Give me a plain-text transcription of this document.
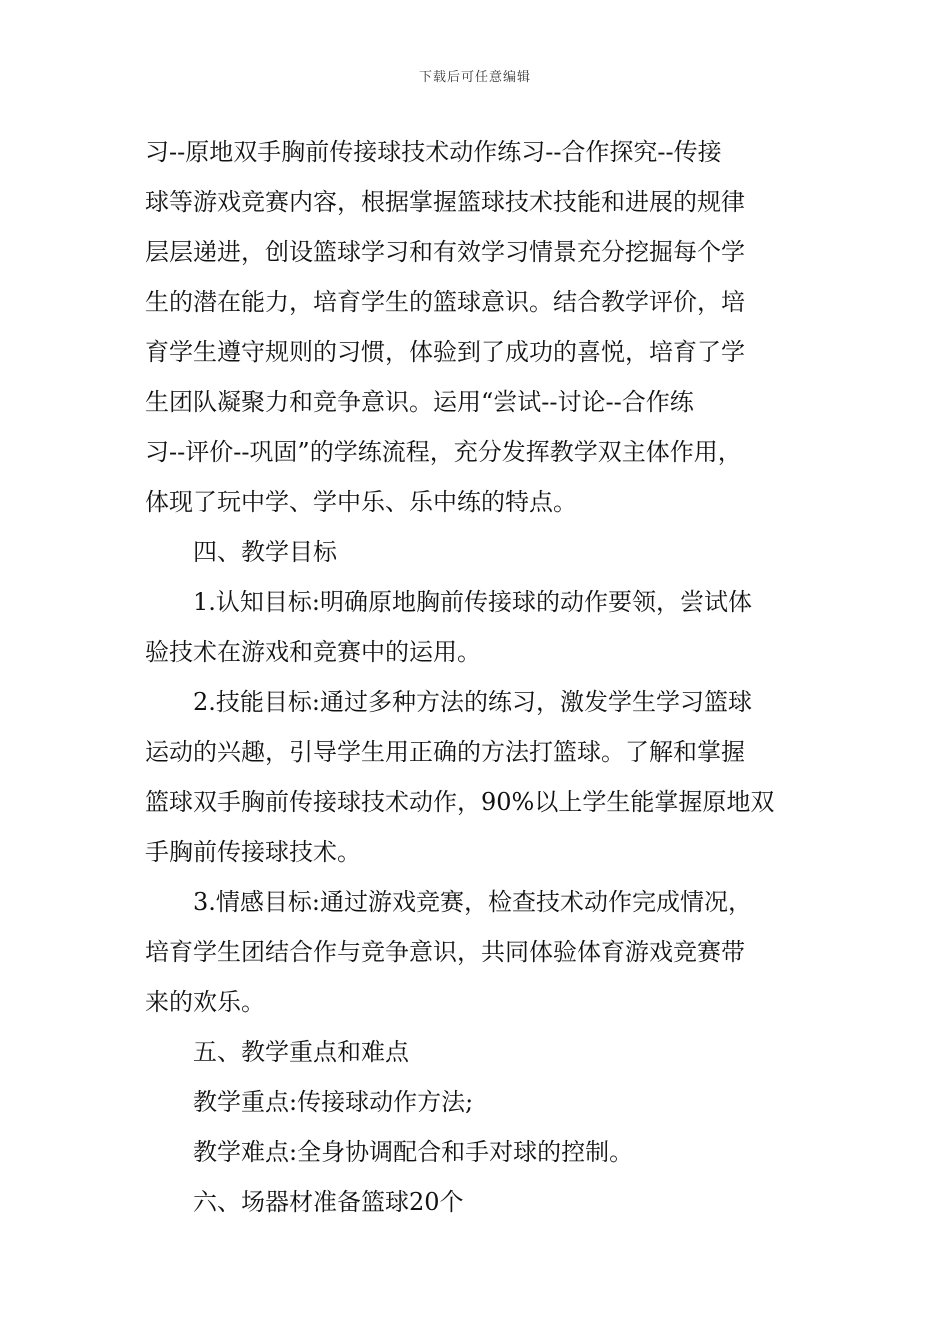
下载后可任意编辑

习--原地双手胸前传接球技术动作练习--合作探究--传接

球等游戏竞赛内容，根据掌握篮球技术技能和进展的规律

层层递进，创设篮球学习和有效学习情景充分挖掘每个学

生的潜在能力，培育学生的篮球意识。结合教学评价，培

育学生遵守规则的习惯，体验到了成功的喜悦，培育了学

生团队凝聚力和竞争意识。运用“尝试--讨论--合作练

习--评价--巩固”的学练流程，充分发挥教学双主体作用，

体现了玩中学、学中乐、乐中练的特点。

四、教学目标

1.认知目标:明确原地胸前传接球的动作要领，尝试体

验技术在游戏和竞赛中的运用。

2.技能目标:通过多种方法的练习，激发学生学习篮球

运动的兴趣，引导学生用正确的方法打篮球。了解和掌握

篮球双手胸前传接球技术动作，90%以上学生能掌握原地双

手胸前传接球技术。

3.情感目标:通过游戏竞赛，检查技术动作完成情况，

培育学生团结合作与竞争意识，共同体验体育游戏竞赛带

来的欢乐。

五、教学重点和难点

教学重点:传接球动作方法;

教学难点:全身协调配合和手对球的控制。

六、场器材准备篮球20个
